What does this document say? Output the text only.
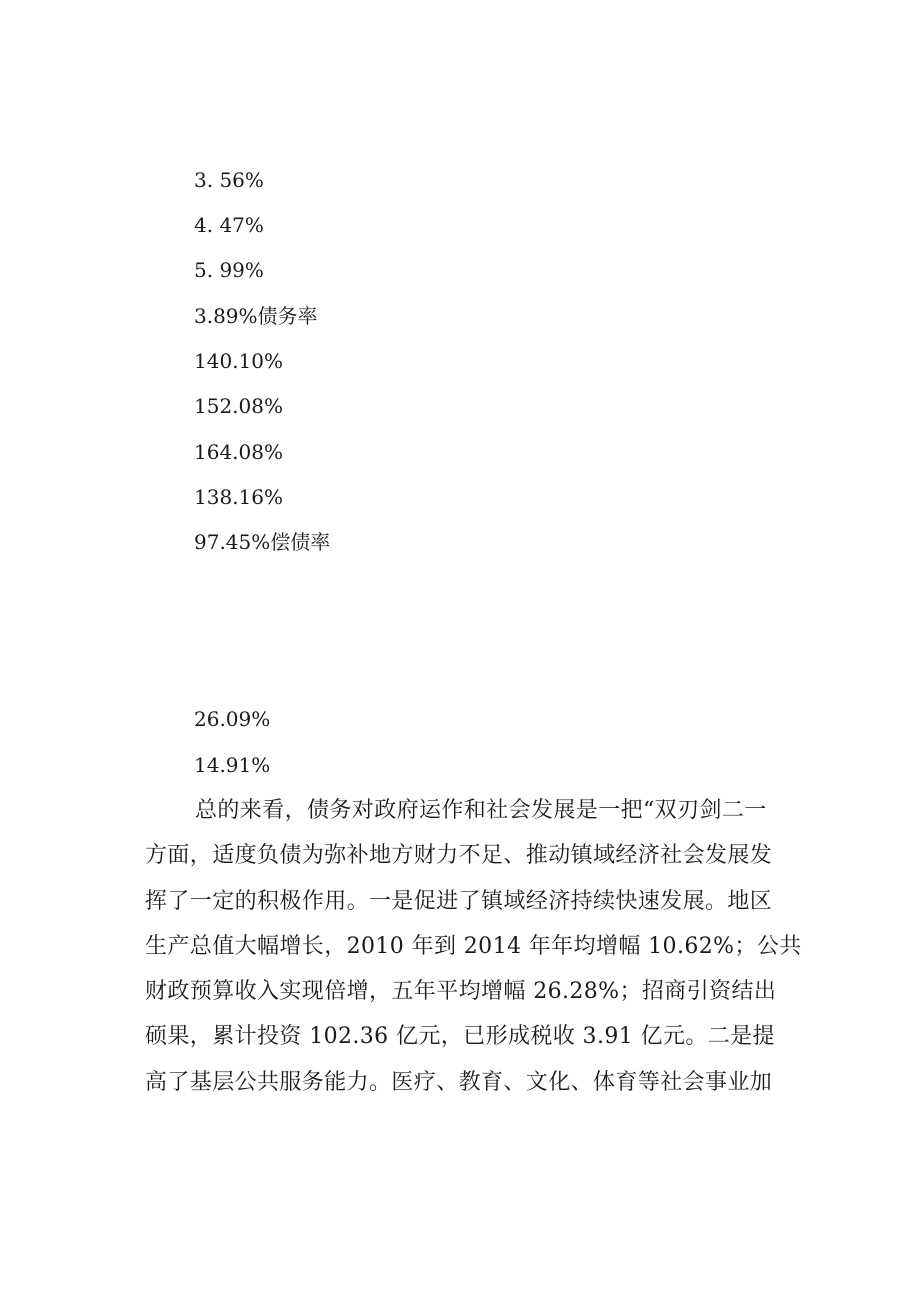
3. 56%
4. 47%
5. 99%
3.89%债务率
140.10%
152.08%
164.08%
138.16%
97.45%偿债率
26.09%
14.91%
总的来看，债务对政府运作和社会发展是一把“双刃剑二一
方面，适度负债为弥补地方财力不足、推动镇域经济社会发展发
挥了一定的积极作用。一是促进了镇域经济持续快速发展。地区
生产总值大幅增长，2010 年到 2014 年年均增幅 10.62%；公共
财政预算收入实现倍增，五年平均增幅 26.28%；招商引资结出
硕果，累计投资 102.36 亿元，已形成税收 3.91 亿元。二是提
高了基层公共服务能力。医疗、教育、文化、体育等社会事业加
